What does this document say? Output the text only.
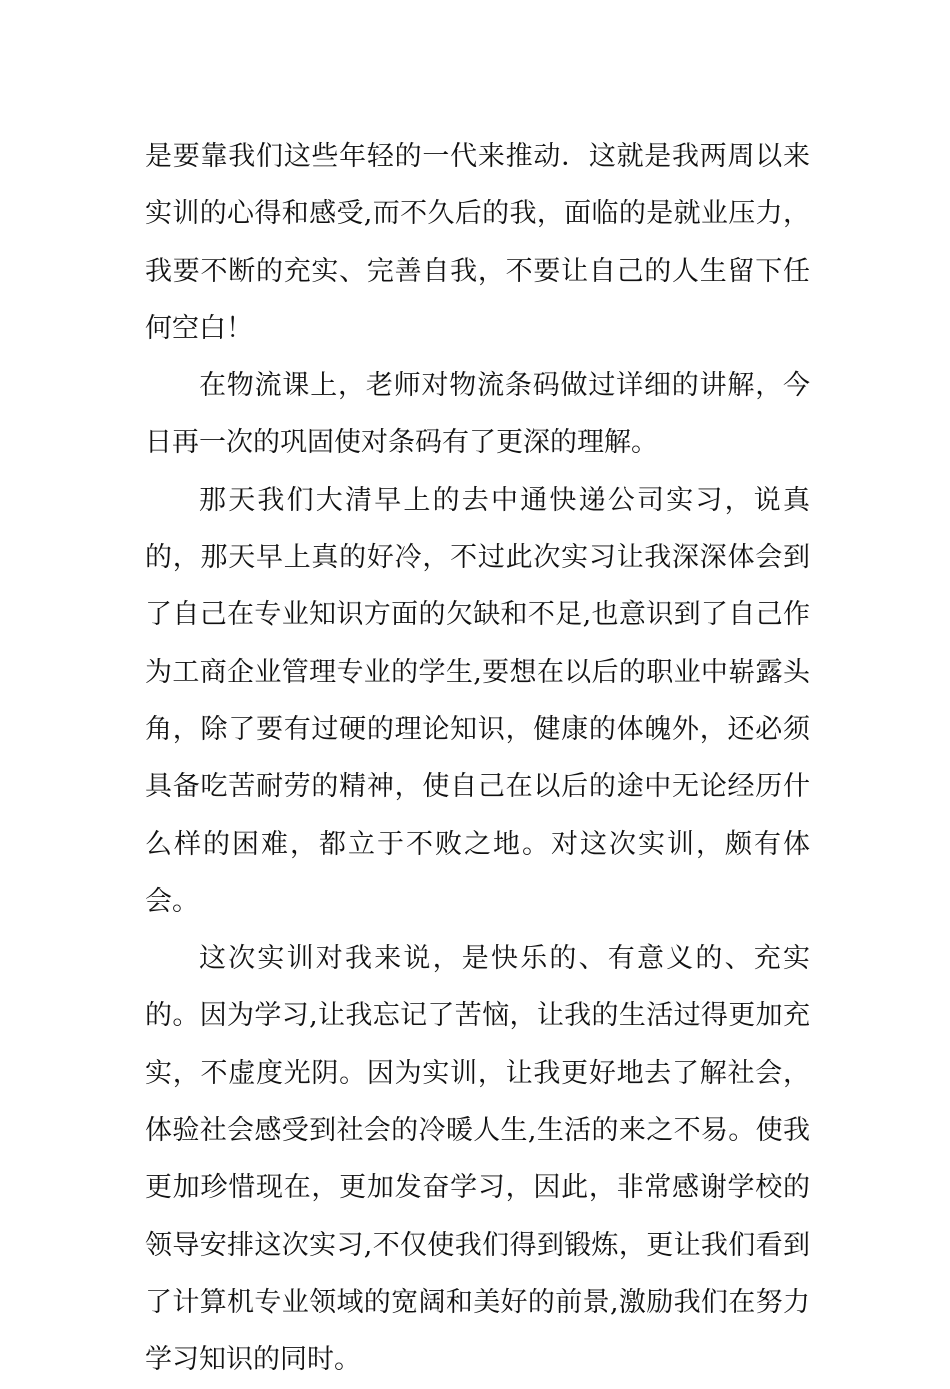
是要靠我们这些年轻的一代来推动．这就是我两周以来实训的心得和感受,而不久后的我，面临的是就业压力，我要不断的充实、完善自我，不要让自己的人生留下任何空白！

在物流课上，老师对物流条码做过详细的讲解，今日再一次的巩固使对条码有了更深的理解。

那天我们大清早上的去中通快递公司实习，说真的，那天早上真的好冷，不过此次实习让我深深体会到了自己在专业知识方面的欠缺和不足,也意识到了自己作为工商企业管理专业的学生,要想在以后的职业中崭露头角，除了要有过硬的理论知识，健康的体魄外，还必须具备吃苦耐劳的精神，使自己在以后的途中无论经历什么样的困难，都立于不败之地。对这次实训，颇有体会。

这次实训对我来说，是快乐的、有意义的、充实的。因为学习,让我忘记了苦恼，让我的生活过得更加充实，不虚度光阴。因为实训，让我更好地去了解社会，体验社会感受到社会的冷暖人生,生活的来之不易。使我更加珍惜现在，更加发奋学习，因此，非常感谢学校的领导安排这次实习,不仅使我们得到锻炼，更让我们看到了计算机专业领域的宽阔和美好的前景,激励我们在努力学习知识的同时。
